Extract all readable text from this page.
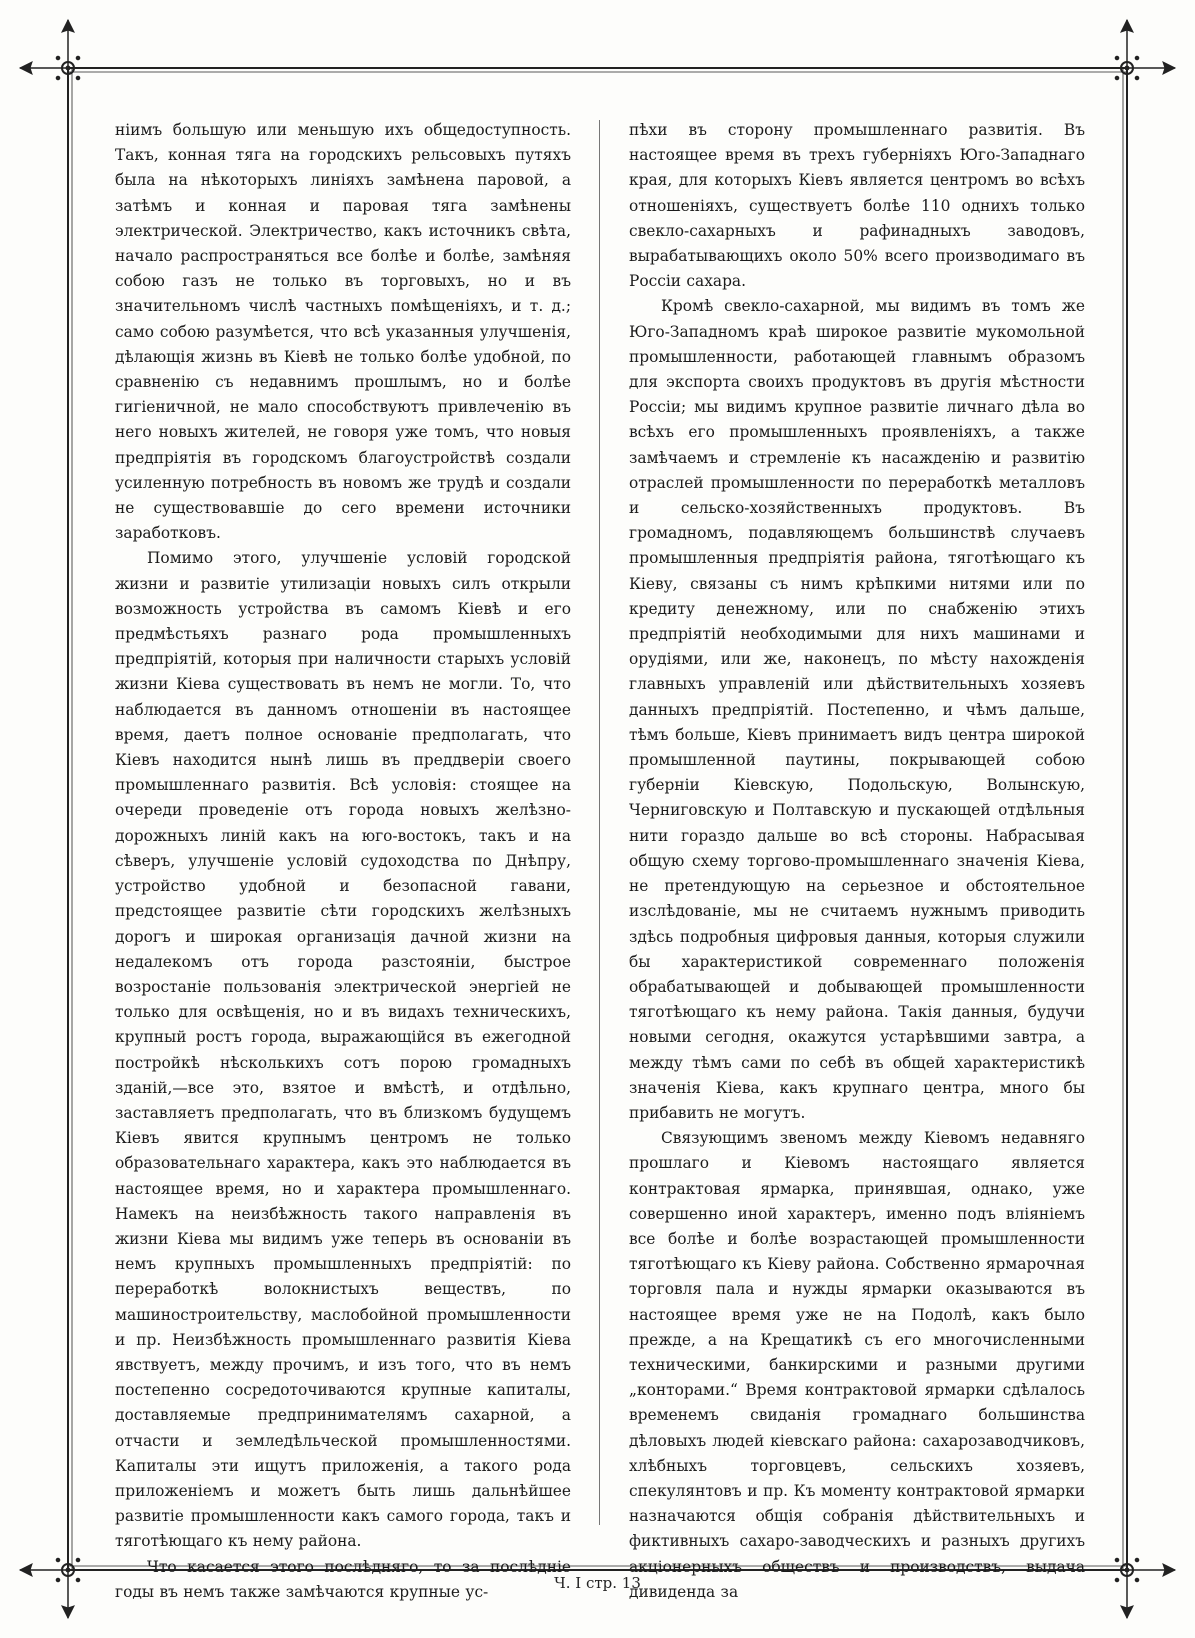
ніимъ большую или меньшую ихъ общедоступность. Такъ, конная тяга на городскихъ рельсовыхъ путяхъ была на нѣкоторыхъ линіяхъ замѣнена паровой, а затѣмъ и конная и паровая тяга замѣнены электрической. Электричество, какъ источникъ свѣта, начало распространяться все болѣе и болѣе, замѣняя собою газъ не только въ торговыхъ, но и въ значительномъ числѣ частныхъ помѣщеніяхъ, и т. д.; само собою разумѣется, что всѣ указанныя улучшенія, дѣлающія жизнь въ Кіевѣ не только болѣе удобной, по сравненію съ недавнимъ прошлымъ, но и болѣе гигіеничной, не мало способствуютъ привлеченію въ него новыхъ жителей, не говоря уже томъ, что новыя предпріятія въ городскомъ благоустройствѣ создали усиленную потребность въ новомъ же трудѣ и создали не существовавшіе до сего времени источники заработковъ.

Помимо этого, улучшеніе условій городской жизни и развитіе утилизаціи новыхъ силъ открыли возможность устройства въ самомъ Кіевѣ и его предмѣстьяхъ разнаго рода промышленныхъ предпріятій, которыя при наличности старыхъ условій жизни Кіева существовать въ немъ не могли. То, что наблюдается въ данномъ отношеніи въ настоящее время, даетъ полное основаніе предполагать, что Кіевъ находится нынѣ лишь въ преддверіи своего промышленнаго развитія. Всѣ условія: стоящее на очереди проведеніе отъ города новыхъ желѣзно-дорожныхъ линій какъ на юго-востокъ, такъ и на сѣверъ, улучшеніе условій судоходства по Днѣпру, устройство удобной и безопасной гавани, предстоящее развитіе сѣти городскихъ желѣзныхъ дорогъ и широкая организація дачной жизни на недалекомъ отъ города разстояніи, быстрое возростаніе пользованія электрической энергіей не только для освѣщенія, но и въ видахъ техническихъ, крупный ростъ города, выражающійся въ ежегодной постройкѣ нѣсколькихъ сотъ порою громадныхъ зданій,—все это, взятое и вмѣстѣ, и отдѣльно, заставляетъ предполагать, что въ близкомъ будущемъ Кіевъ явится крупнымъ центромъ не только образовательнаго характера, какъ это наблюдается въ настоящее время, но и характера промышленнаго. Намекъ на неизбѣжность такого направленія въ жизни Кіева мы видимъ уже теперь въ основаніи въ немъ крупныхъ промышленныхъ предпріятій: по переработкѣ волокнистыхъ веществъ, по машиностроительству, маслобойной промышленности и пр. Неизбѣжность промышленнаго развитія Кіева явствуетъ, между прочимъ, и изъ того, что въ немъ постепенно сосредоточиваются крупные капиталы, доставляемые предпринимателямъ сахарной, а отчасти и земледѣльческой промышленностями. Капиталы эти ищутъ приложенія, а такого рода приложеніемъ и можетъ быть лишь дальнѣйшее развитіе промышленности какъ самого города, такъ и тяготѣющаго къ нему района.

Что касается этого послѣдняго, то за послѣдніе годы въ немъ также замѣчаются крупные ус-

пѣхи въ сторону промышленнаго развитія. Въ настоящее время въ трехъ губерніяхъ Юго-Западнаго края, для которыхъ Кіевъ является центромъ во всѣхъ отношеніяхъ, существуетъ болѣе 110 однихъ только свекло-сахарныхъ и рафинадныхъ заводовъ, вырабатывающихъ около 50% всего производимаго въ Россіи сахара.

Кромѣ свекло-сахарной, мы видимъ въ томъ же Юго-Западномъ краѣ широкое развитіе мукомольной промышленности, работающей главнымъ образомъ для экспорта своихъ продуктовъ въ другія мѣстности Россіи; мы видимъ крупное развитіе личнаго дѣла во всѣхъ его промышленныхъ проявленіяхъ, а также замѣчаемъ и стремленіе къ насажденію и развитію отраслей промышленности по переработкѣ металловъ и сельско-хозяйственныхъ продуктовъ. Въ громадномъ, подавляющемъ большинствѣ случаевъ промышленныя предпріятія района, тяготѣющаго къ Кіеву, связаны съ нимъ крѣпкими нитями или по кредиту денежному, или по снабженію этихъ предпріятій необходимыми для нихъ машинами и орудіями, или же, наконецъ, по мѣсту нахожденія главныхъ управленій или дѣйствительныхъ хозяевъ данныхъ предпріятій. Постепенно, и чѣмъ дальше, тѣмъ больше, Кіевъ принимаетъ видъ центра широкой промышленной паутины, покрывающей собою губерніи Кіевскую, Подольскую, Волынскую, Черниговскую и Полтавскую и пускающей отдѣльныя нити гораздо дальше во всѣ стороны. Набрасывая общую схему торгово-промышленнаго значенія Кіева, не претендующую на серьезное и обстоятельное изслѣдованіе, мы не считаемъ нужнымъ приводить здѣсь подробныя цифровыя данныя, которыя служили бы характеристикой современнаго положенія обрабатывающей и добывающей промышленности тяготѣющаго къ нему района. Такія данныя, будучи новыми сегодня, окажутся устарѣвшими завтра, а между тѣмъ сами по себѣ въ общей характеристикѣ значенія Кіева, какъ крупнаго центра, много бы прибавить не могутъ.

Связующимъ звеномъ между Кіевомъ недавняго прошлаго и Кіевомъ настоящаго является контрактовая ярмарка, принявшая, однако, уже совершенно иной характеръ, именно подъ вліяніемъ все болѣе и болѣе возрастающей промышленности тяготѣющаго къ Кіеву района. Собственно ярмарочная торговля пала и нужды ярмарки оказываются въ настоящее время уже не на Подолѣ, какъ было прежде, а на Крещатикѣ съ его многочисленными техническими, банкирскими и разными другими „конторами.“ Время контрактовой ярмарки сдѣлалось временемъ свиданія громаднаго большинства дѣловыхъ людей кіевскаго района: сахарозаводчиковъ, хлѣбныхъ торговцевъ, сельскихъ хозяевъ, спекулянтовъ и пр. Къ моменту контрактовой ярмарки назначаются общія собранія дѣйствительныхъ и фиктивныхъ сахаро-заводческихъ и разныхъ другихъ акціонерныхъ обществъ и производствъ, выдача дивиденда за

Ч. I стр. 13
